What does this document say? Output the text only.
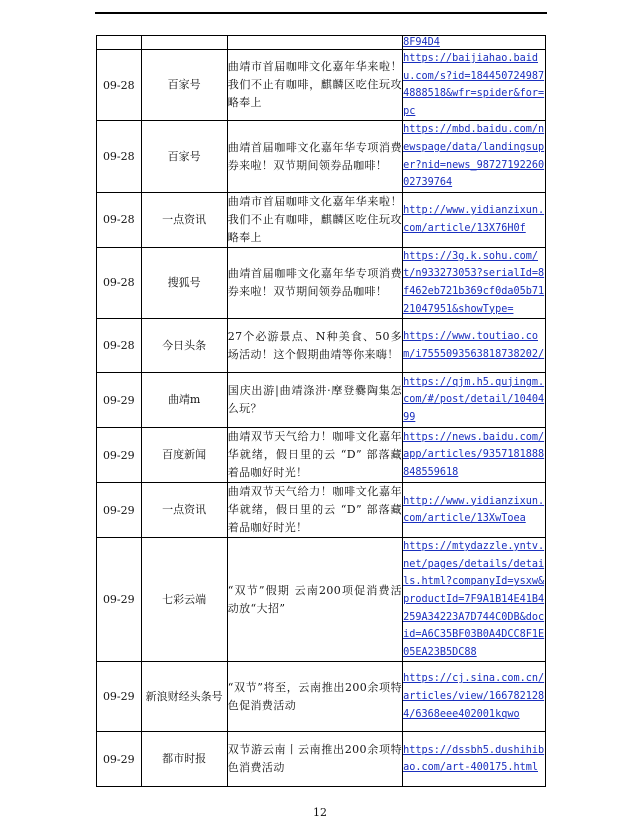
			8F94D4

09-28	百家号	曲靖市首届咖啡文化嘉年华来啦！我们不止有咖啡，麒麟区吃住玩攻略奉上	https://baijiahao.baidu.com/s?id=1844507249874888518&wfr=spider&for=pc

09-28	百家号	曲靖首届咖啡文化嘉年华专项消费券来啦！双节期间领券品咖啡！	https://mbd.baidu.com/newspage/data/landingsuper?nid=news_9872719226002739764

09-28	一点资讯	曲靖市首届咖啡文化嘉年华来啦！我们不止有咖啡，麒麟区吃住玩攻略奉上	http://www.yidianzixun.com/article/13X76H0f

09-28	搜狐号	曲靖首届咖啡文化嘉年华专项消费券来啦！双节期间领券品咖啡！	https://3g.k.sohu.com/t/n933273053?serialId=8f462eb721b369cf0da05b7121047951&showType=

09-28	今日头条	27个必游景点、N种美食、50多场活动！这个假期曲靖等你来嗨！	https://www.toutiao.com/i7555093563818738202/

09-29	曲靖m	国庆出游|曲靖涤汫·摩登爨陶集怎么玩？	https://qjm.h5.qujingm.com/#/post/detail/1040499

09-29	百度新闻	曲靖双节天气给力！咖啡文化嘉年华就绪，假日里的云 “D” 部落藏着品咖好时光！	https://news.baidu.com/app/articles/9357181888848559618

09-29	一点资讯	曲靖双节天气给力！咖啡文化嘉年华就绪，假日里的云 “D” 部落藏着品咖好时光！	http://www.yidianzixun.com/article/13XwToea

09-29	七彩云端	“双节”假期 云南200项促消费活动放“大招”	https://mtydazzle.yntv.net/pages/details/details.html?companyId=ysxw&productId=7F9A1B14E41B4259A34223A7D744C0DB&docid=A6C35BF03B0A4DCC8F1E05EA23B5DC88

09-29	新浪财经头条号	“双节”将至，云南推出200余项特色促消费活动	https://cj.sina.com.cn/articles/view/1667821284/6368eee402001kqwo

09-29	都市时报	双节游云南丨云南推出200余项特色消费活动	https://dssbh5.dushihibao.com/art-400175.html
12
